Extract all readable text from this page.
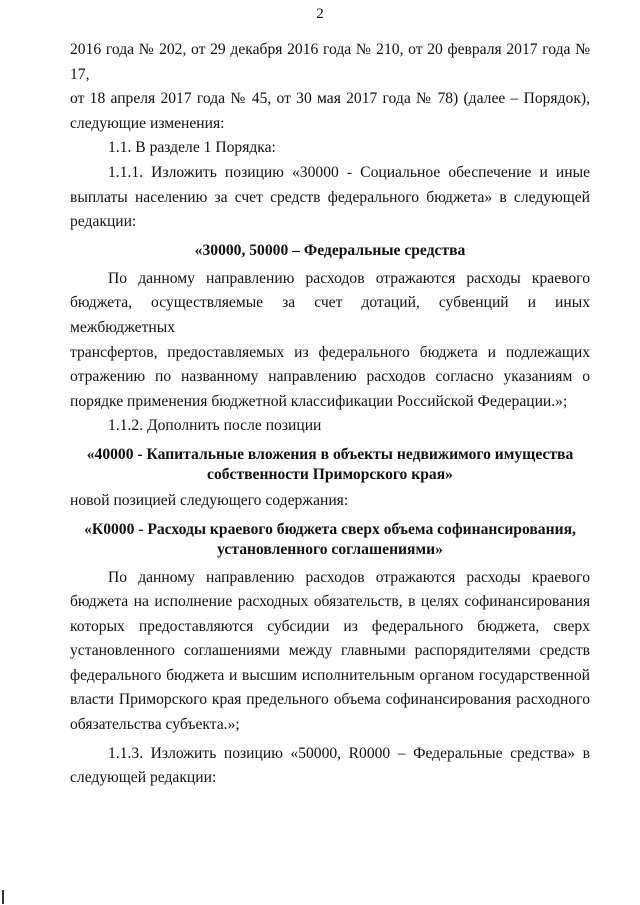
2

2016 года № 202, от 29 декабря 2016 года № 210, от 20 февраля 2017 года № 17,
от 18 апреля 2017 года № 45, от 30 мая 2017 года № 78) (далее – Порядок),
следующие изменения:

1.1. В разделе 1 Порядка:

1.1.1. Изложить позицию «30000 - Социальное обеспечение и иные
выплаты населению за счет средств федерального бюджета» в следующей
редакции:

«30000, 50000 – Федеральные средства

По данному направлению расходов отражаются расходы краевого
бюджета, осуществляемые за счет дотаций, субвенций и иных межбюджетных
трансфертов, предоставляемых из федерального бюджета и подлежащих
отражению по названному направлению расходов согласно указаниям о
порядке применения бюджетной классификации Российской Федерации.»;

1.1.2. Дополнить после позиции

«40000 - Капитальные вложения в объекты недвижимого имущества
собственности Приморского края»

новой позицией следующего содержания:

«К0000 - Расходы краевого бюджета сверх объема софинансирования,
установленного соглашениями»

По данному направлению расходов отражаются расходы краевого
бюджета на исполнение расходных обязательств, в целях софинансирования
которых предоставляются субсидии из федерального бюджета, сверх
установленного соглашениями между главными распорядителями средств
федерального бюджета и высшим исполнительным органом государственной
власти Приморского края предельного объема софинансирования расходного
обязательства субъекта.»;

1.1.3. Изложить позицию «50000, R0000 – Федеральные средства» в
следующей редакции:
